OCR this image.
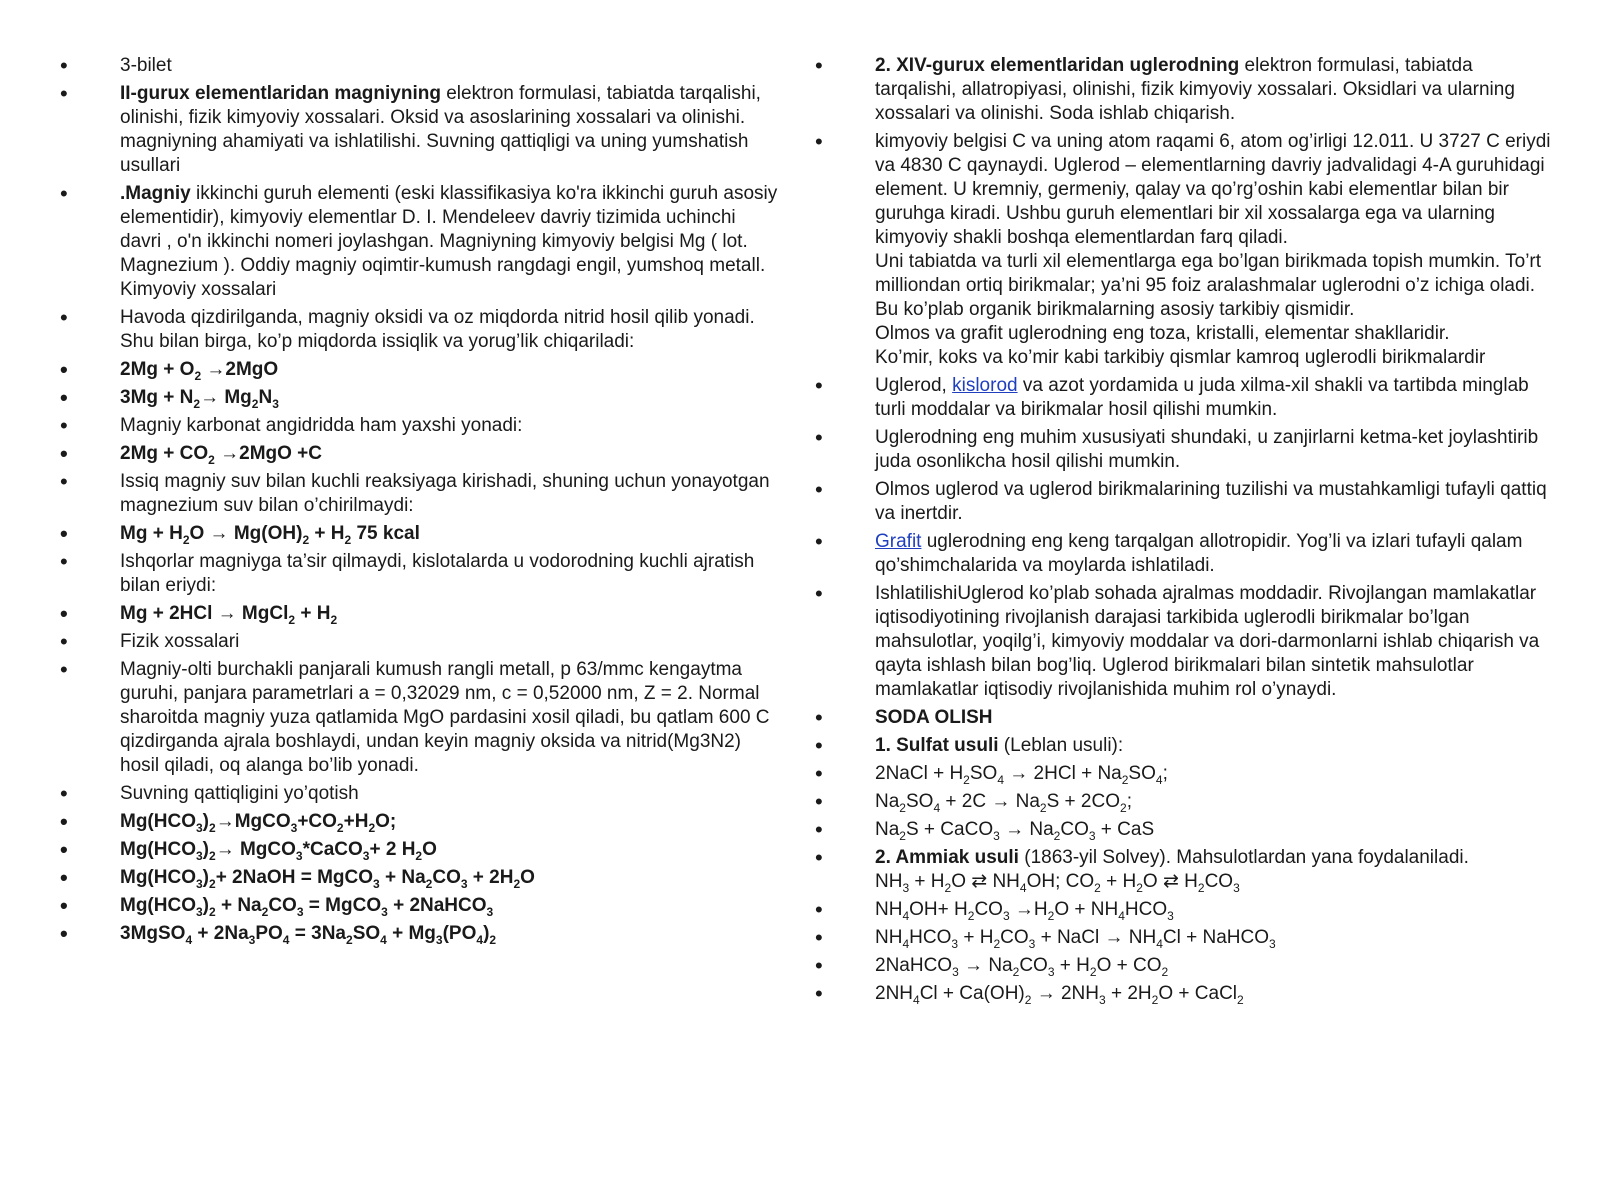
• 3-bilet
• II-gurux elementlaridan magniyning elektron formulasi, tabiatda tarqalishi, olinishi, fizik kimyoviy xossalari. Oksid va asoslarining xossalari va olinishi. magniyning ahamiyati va ishlatilishi. Suvning qattiqligi va uning yumshatish usullari
• .Magniy ikkinchi guruh elementi (eski klassifikasiya ko'ra ikkinchi guruh asosiy elementidir), kimyoviy elementlar D. I. Mendeleev davriy tizimida uchinchi davri , o'n ikkinchi nomeri joylashgan. Magniyning kimyoviy belgisi Mg ( lot. Magnezium ). Oddiy magniy oqimtir-kumush rangdagi engil, yumshoq metall. Kimyoviy xossalari
• Havoda qizdirilganda, magniy oksidi va oz miqdorda nitrid hosil qilib yonadi. Shu bilan birga, ko’p miqdorda issiqlik va yorug’lik chiqariladi:
• $2Mg + O_2 \to 2MgO$
• $3Mg + N_2\to Mg_2N_3$
• Magniy karbonat angidridda ham yaxshi yonadi:
• $2Mg + CO_2 \to 2MgO +C$
• Issiq magniy suv bilan kuchli reaksiyaga kirishadi, shuning uchun yonayotgan magnezium suv bilan o’chirilmaydi:
• $Mg + H_2O \to Mg(OH)_2 + H_2$ 75 kcal
• Ishqorlar magniyga ta’sir qilmaydi, kislotalarda u vodorodning kuchli ajratish bilan eriydi:
• Mg + 2HCl → MgCl$_2$ + $H_2$
• Fizik xossalari
• Magniy-olti burchakli panjarali kumush rangli metall, p 63/mmc kengaytma guruhi, panjara parametrlari a = 0,32029 nm, c = 0,52000 nm, Z = 2. Normal sharoitda magniy yuza qatlamida MgO pardasini xosil qiladi, bu qatlam 600 C qizdirganda ajrala boshlaydi, undan keyin magniy oksida va nitrid(Mg3N2) hosil qiladi, oq alanga bo’lib yonadi.
• Suvning qattiqligini yo’qotish
• $Mg(HCO_3)_2\to MgCO_3+CO_2+H_2O$;
• $Mg(HCO_3)_2\to$ MgCO$_3$*CaCO$_3$+ 2 $H_2O$
• $Mg(HCO_3)_2+$ 2NaOH = MgCO$_3$ + $Na_2CO_3 + 2H_2O$
• $Mg(HCO_3)_2 + Na_2CO_3$ = MgCO$_3$ + 2NaHCO$_3$
• 3MgSO$_4$ + $2Na_3PO_4 = 3Na_2SO_4 + Mg_3(PO_4)_2$
• 2. XIV-gurux elementlaridan uglerodning elektron formulasi, tabiatda tarqalishi, allatropiyasi, olinishi, fizik kimyoviy xossalari. Oksidlari va ularning xossalari va olinishi. Soda ishlab chiqarish.
• kimyoviy belgisi C va uning atom raqami 6, atom og’irligi 12.011. U 3727 C eriydi va 4830 C qaynaydi. Uglerod – elementlarning davriy jadvalidagi 4-A guruhidagi element. U kremniy, germeniy, qalay va qo’rg’oshin kabi elementlar bilan bir guruhga kiradi. Ushbu guruh elementlari bir xil xossalarga ega va ularning kimyoviy shakli boshqa elementlardan farq qiladi.
Uni tabiatda va turli xil elementlarga ega bo’lgan birikmada topish mumkin. To’rt milliondan ortiq birikmalar; ya’ni 95 foiz aralashmalar uglerodni o’z ichiga oladi. Bu ko’plab organik birikmalarning asosiy tarkibiy qismidir.
Olmos va grafit uglerodning eng toza, kristalli, elementar shakllaridir.
Ko’mir, koks va ko’mir kabi tarkibiy qismlar kamroq uglerodli birikmalardir
• Uglerod, kislorod va azot yordamida u juda xilma-xil shakli va tartibda minglab turli moddalar va birikmalar hosil qilishi mumkin.
• Uglerodning eng muhim xususiyati shundaki, u zanjirlarni ketma-ket joylashtirib juda osonlikcha hosil qilishi mumkin.
• Olmos uglerod va uglerod birikmalarining tuzilishi va mustahkamligi tufayli qattiq va inertdir.
• Grafit uglerodning eng keng tarqalgan allotropidir. Yog’li va izlari tufayli qalam qo’shimchalarida va moylarda ishlatiladi.
• IshlatilishiUglerod ko’plab sohada ajralmas moddadir. Rivojlangan mamlakatlar iqtisodiyotining rivojlanish darajasi tarkibida uglerodli birikmalar bo’lgan mahsulotlar, yoqilg’i, kimyoviy moddalar va dori-darmonlarni ishlab chiqarish va qayta ishlash bilan bog’liq. Uglerod birikmalari bilan sintetik mahsulotlar mamlakatlar iqtisodiy rivojlanishida muhim rol o’ynaydi.
• SODA OLISH
• 1. Sulfat usuli (Leblan usuli):
• 2NaCl + $H_2SO_4 \to 2HCl + Na_2SO_4$;
• $Na_2SO_4 + 2C \to Na_2S + 2CO_2$;
• $Na_2S$ + CaCO$_3$ → $Na_2CO_3$ + CaS
• 2. Ammiak usuli (1863-yil Solvey). Mahsulotlardan yana foydalaniladi.
$NH_3 + H_2O$ ⇄ $NH_4OH$; $CO_2 + H_2O$ ⇄ $H_2CO_3$
• $NH_4OH+ H_2CO_3 \to H_2O + NH_4HCO_3$
• $NH_4HCO_3 + H_2CO_3$ + NaCl → $NH_4Cl$ + NaHCO$_3$
• 2NaHCO$_3$ → $Na_2CO_3 + H_2O + CO_2$
• $2NH_4Cl + Ca(OH)_2 \to 2NH_3 + 2H_2O$ + CaCl$_2$
